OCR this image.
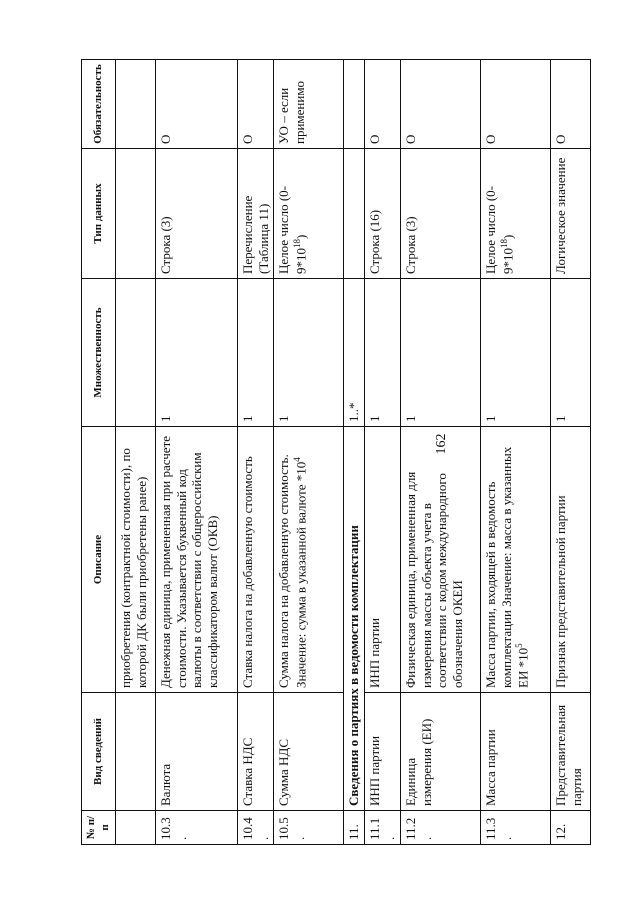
162
№ п/п	Вид сведений	Описание	Множественность	Тип данных	Обязательность
		приобретения (контрактной стоимости), по которой ДК были приобретены ранее)			
10.3.	Валюта	Денежная единица, примененная при расчете стоимости. Указывается буквенный код валюты в соответствии с общероссийским классификатором валют (ОКВ)	1	Строка (3)	О
10.4.	Ставка НДС	Ставка налога на добавленную стоимость	1	Перечисление (Таблица 11)	О
10.5.	Сумма НДС	Сумма налога на добавленную стоимость. Значение: сумма в указанной валюте $*10^4$	1	Целое число $(0-9*10^{18})$	УО – если применимо
11.	Сведения о партиях в ведомости комплектации		1..*		
11.1.	ИНП партии	ИНП партии	1	Строка (16)	О
11.2.	Единица измерения (ЕИ)	Физическая единица, примененная для измерения массы объекта учета в соответствии с кодом международного обозначения ОКЕИ	1	Строка (3)	О
11.3.	Масса партии	Масса партии, входящей в ведомость комплектации Значение: масса в указанных ЕИ $*10^5$	1	Целое число $(0-9*10^{18})$	О
12.	Представительная партия	Признак представительной партии	1	Логическое значение	О
